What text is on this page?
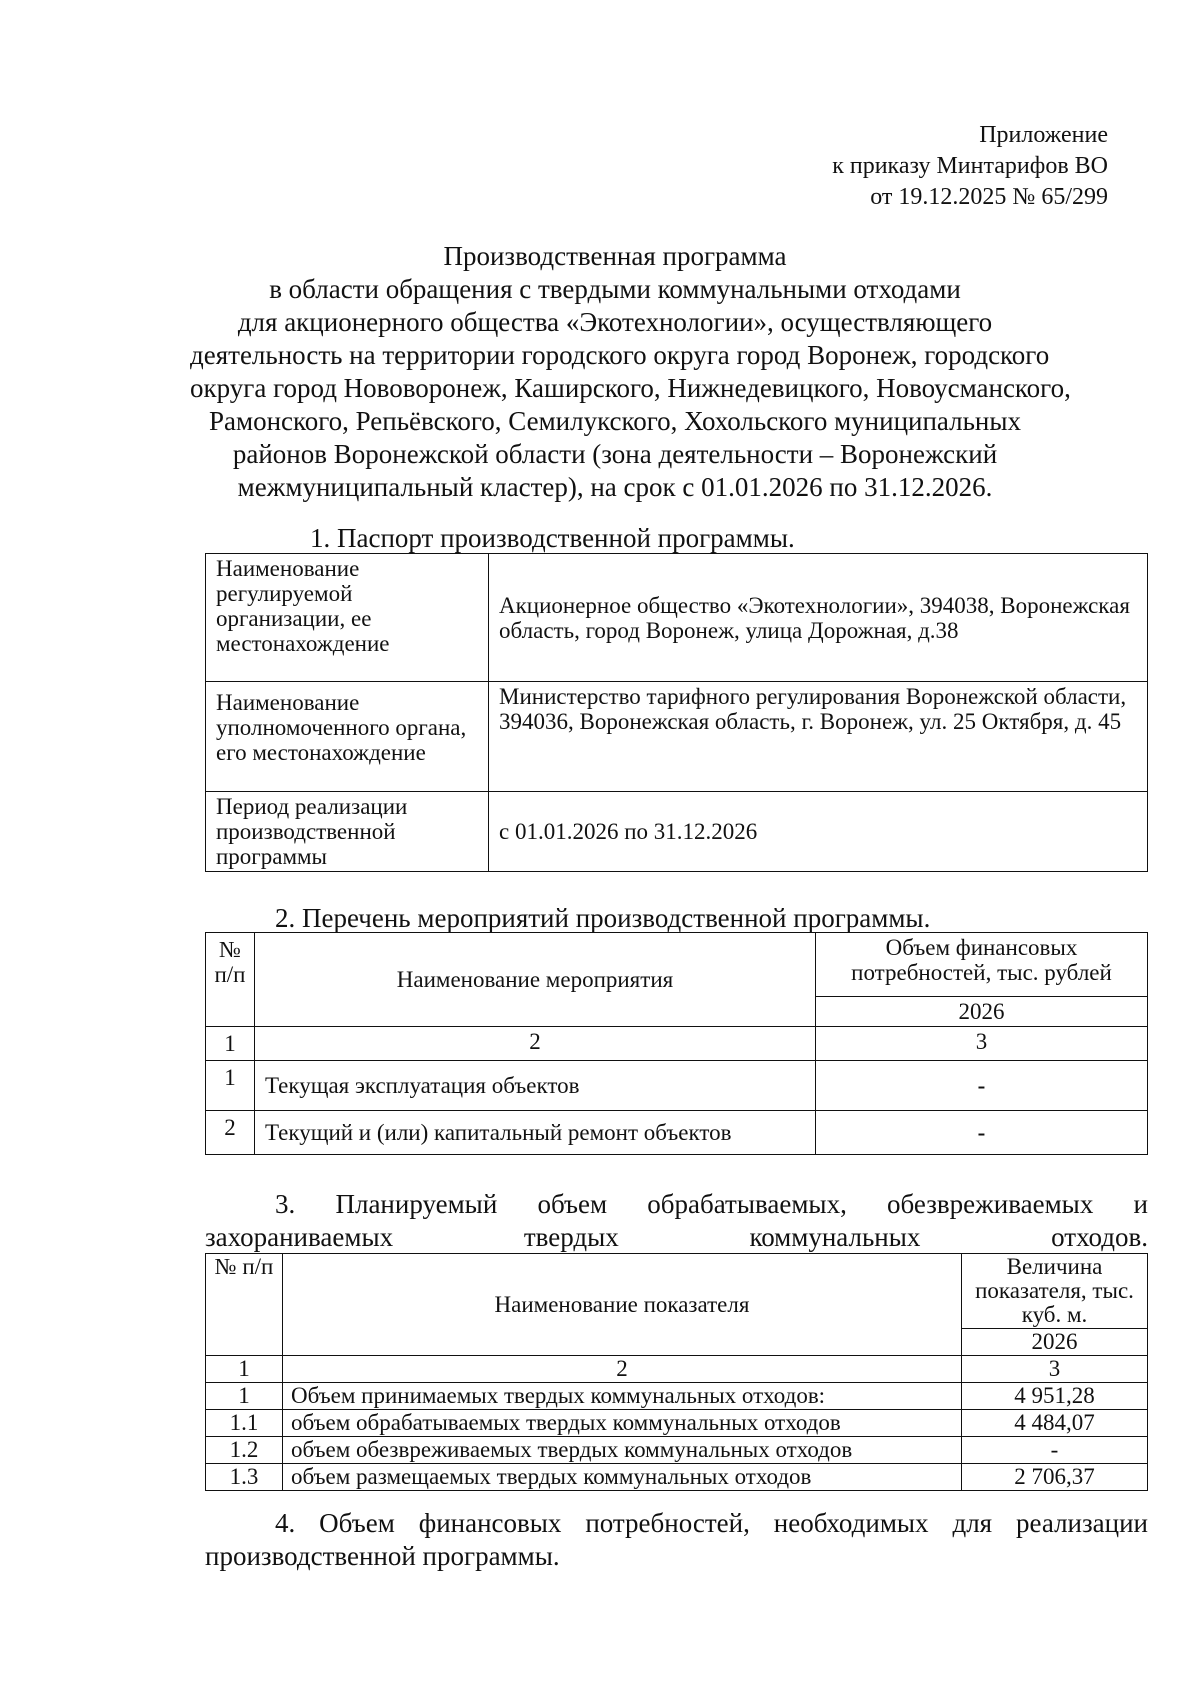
Приложение
к приказу Минтарифов ВО
от 19.12.2025 № 65/299
Производственная программа
в области обращения с твердыми коммунальными отходами
для акционерного общества «Экотехнологии», осуществляющего
деятельность на территории городского округа город Воронеж, городского
округа город Нововоронеж, Каширского, Нижнедевицкого, Новоусманского,
Рамонского, Репьёвского, Семилукского, Хохольского муниципальных
районов Воронежской области (зона деятельности – Воронежский
межмуниципальный кластер), на срок с 01.01.2026 по 31.12.2026.
1. Паспорт производственной программы.
Наименование регулируемой организации, ее местонахождение	Акционерное общество «Экотехнологии», 394038, Воронежская область, город Воронеж, улица Дорожная, д.38
Наименование уполномоченного органа, его местонахождение	Министерство тарифного регулирования Воронежской области, 394036, Воронежская область, г. Воронеж, ул. 25 Октября, д. 45
Период реализации производственной программы	с 01.01.2026 по 31.12.2026
2. Перечень мероприятий производственной программы.
№ п/п	Наименование мероприятия	Объем финансовых потребностей, тыс. рублей
		2026
1	2	3
1	Текущая эксплуатация объектов	-
2	Текущий и (или) капитальный ремонт объектов	-
3. Планируемый объем обрабатываемых, обезвреживаемых и захораниваемых твердых коммунальных отходов.
№ п/п	Наименование показателя	Величина показателя, тыс. куб. м.
		2026
1	2	3
1	Объем принимаемых твердых коммунальных отходов:	4 951,28
1.1	объем обрабатываемых твердых коммунальных отходов	4 484,07
1.2	объем обезвреживаемых твердых коммунальных отходов	-
1.3	объем размещаемых твердых коммунальных отходов	2 706,37
4. Объем финансовых потребностей, необходимых для реализации производственной программы.
